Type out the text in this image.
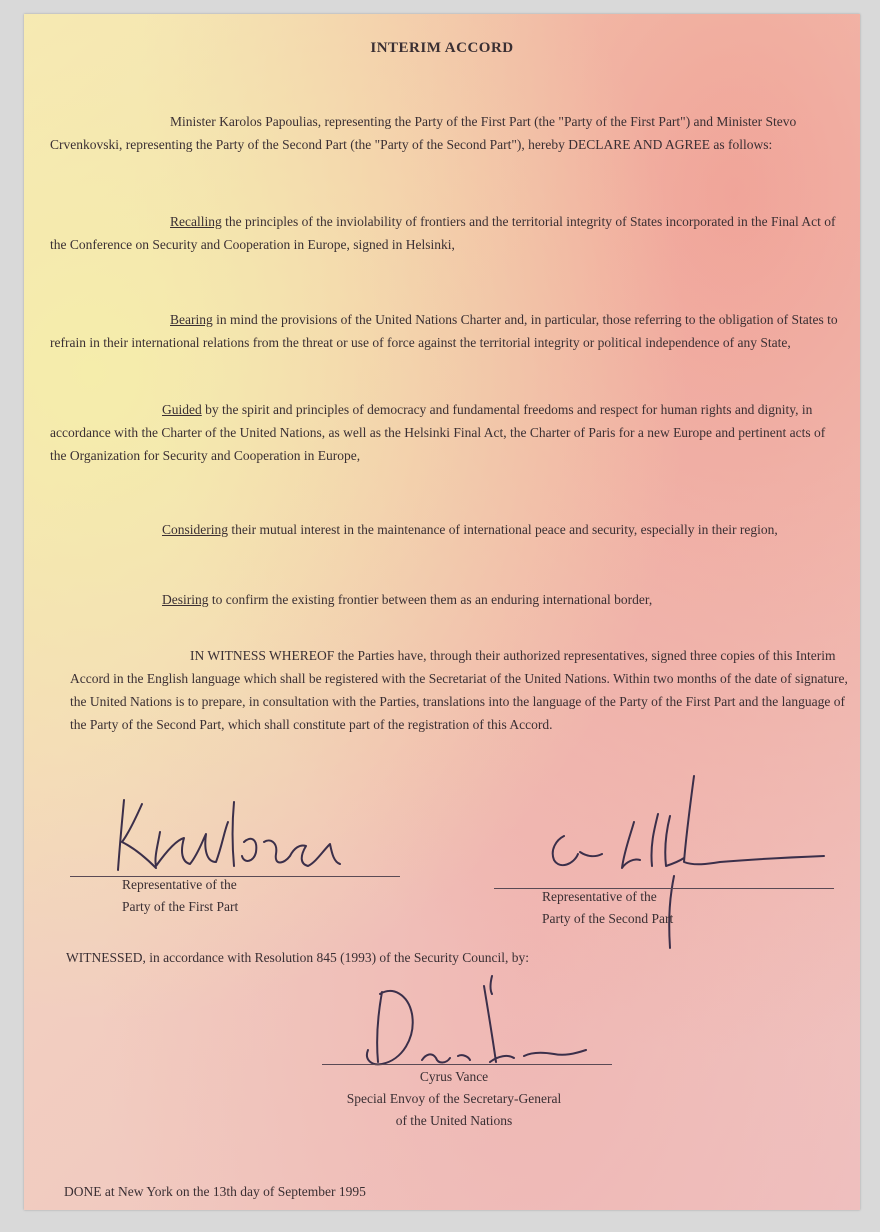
INTERIM ACCORD

Minister Karolos Papoulias, representing the Party of the First Part (the "Party of the First Part") and Minister Stevo Crvenkovski, representing the Party of the Second Part (the "Party of the Second Part"), hereby DECLARE AND AGREE as follows:

Recalling the principles of the inviolability of frontiers and the territorial integrity of States incorporated in the Final Act of the Conference on Security and Cooperation in Europe, signed in Helsinki,

Bearing in mind the provisions of the United Nations Charter and, in particular, those referring to the obligation of States to refrain in their international relations from the threat or use of force against the territorial integrity or political independence of any State,

Guided by the spirit and principles of democracy and fundamental freedoms and respect for human rights and dignity, in accordance with the Charter of the United Nations, as well as the Helsinki Final Act, the Charter of Paris for a new Europe and pertinent acts of the Organization for Security and Cooperation in Europe,

Considering their mutual interest in the maintenance of international peace and security, especially in their region,

Desiring to confirm the existing frontier between them as an enduring international border,

IN WITNESS WHEREOF the Parties have, through their authorized representatives, signed three copies of this Interim Accord in the English language which shall be registered with the Secretariat of the United Nations. Within two months of the date of signature, the United Nations is to prepare, in consultation with the Parties, translations into the language of the Party of the First Part and the language of the Party of the Second Part, which shall constitute part of the registration of this Accord.

Representative of the
Party of the First Part
Representative of the
Party of the Second Part

WITNESSED, in accordance with Resolution 845 (1993) of the Security Council, by:

Cyrus Vance
Special Envoy of the Secretary-General
of the United Nations

DONE at New York on the 13th day of September 1995
